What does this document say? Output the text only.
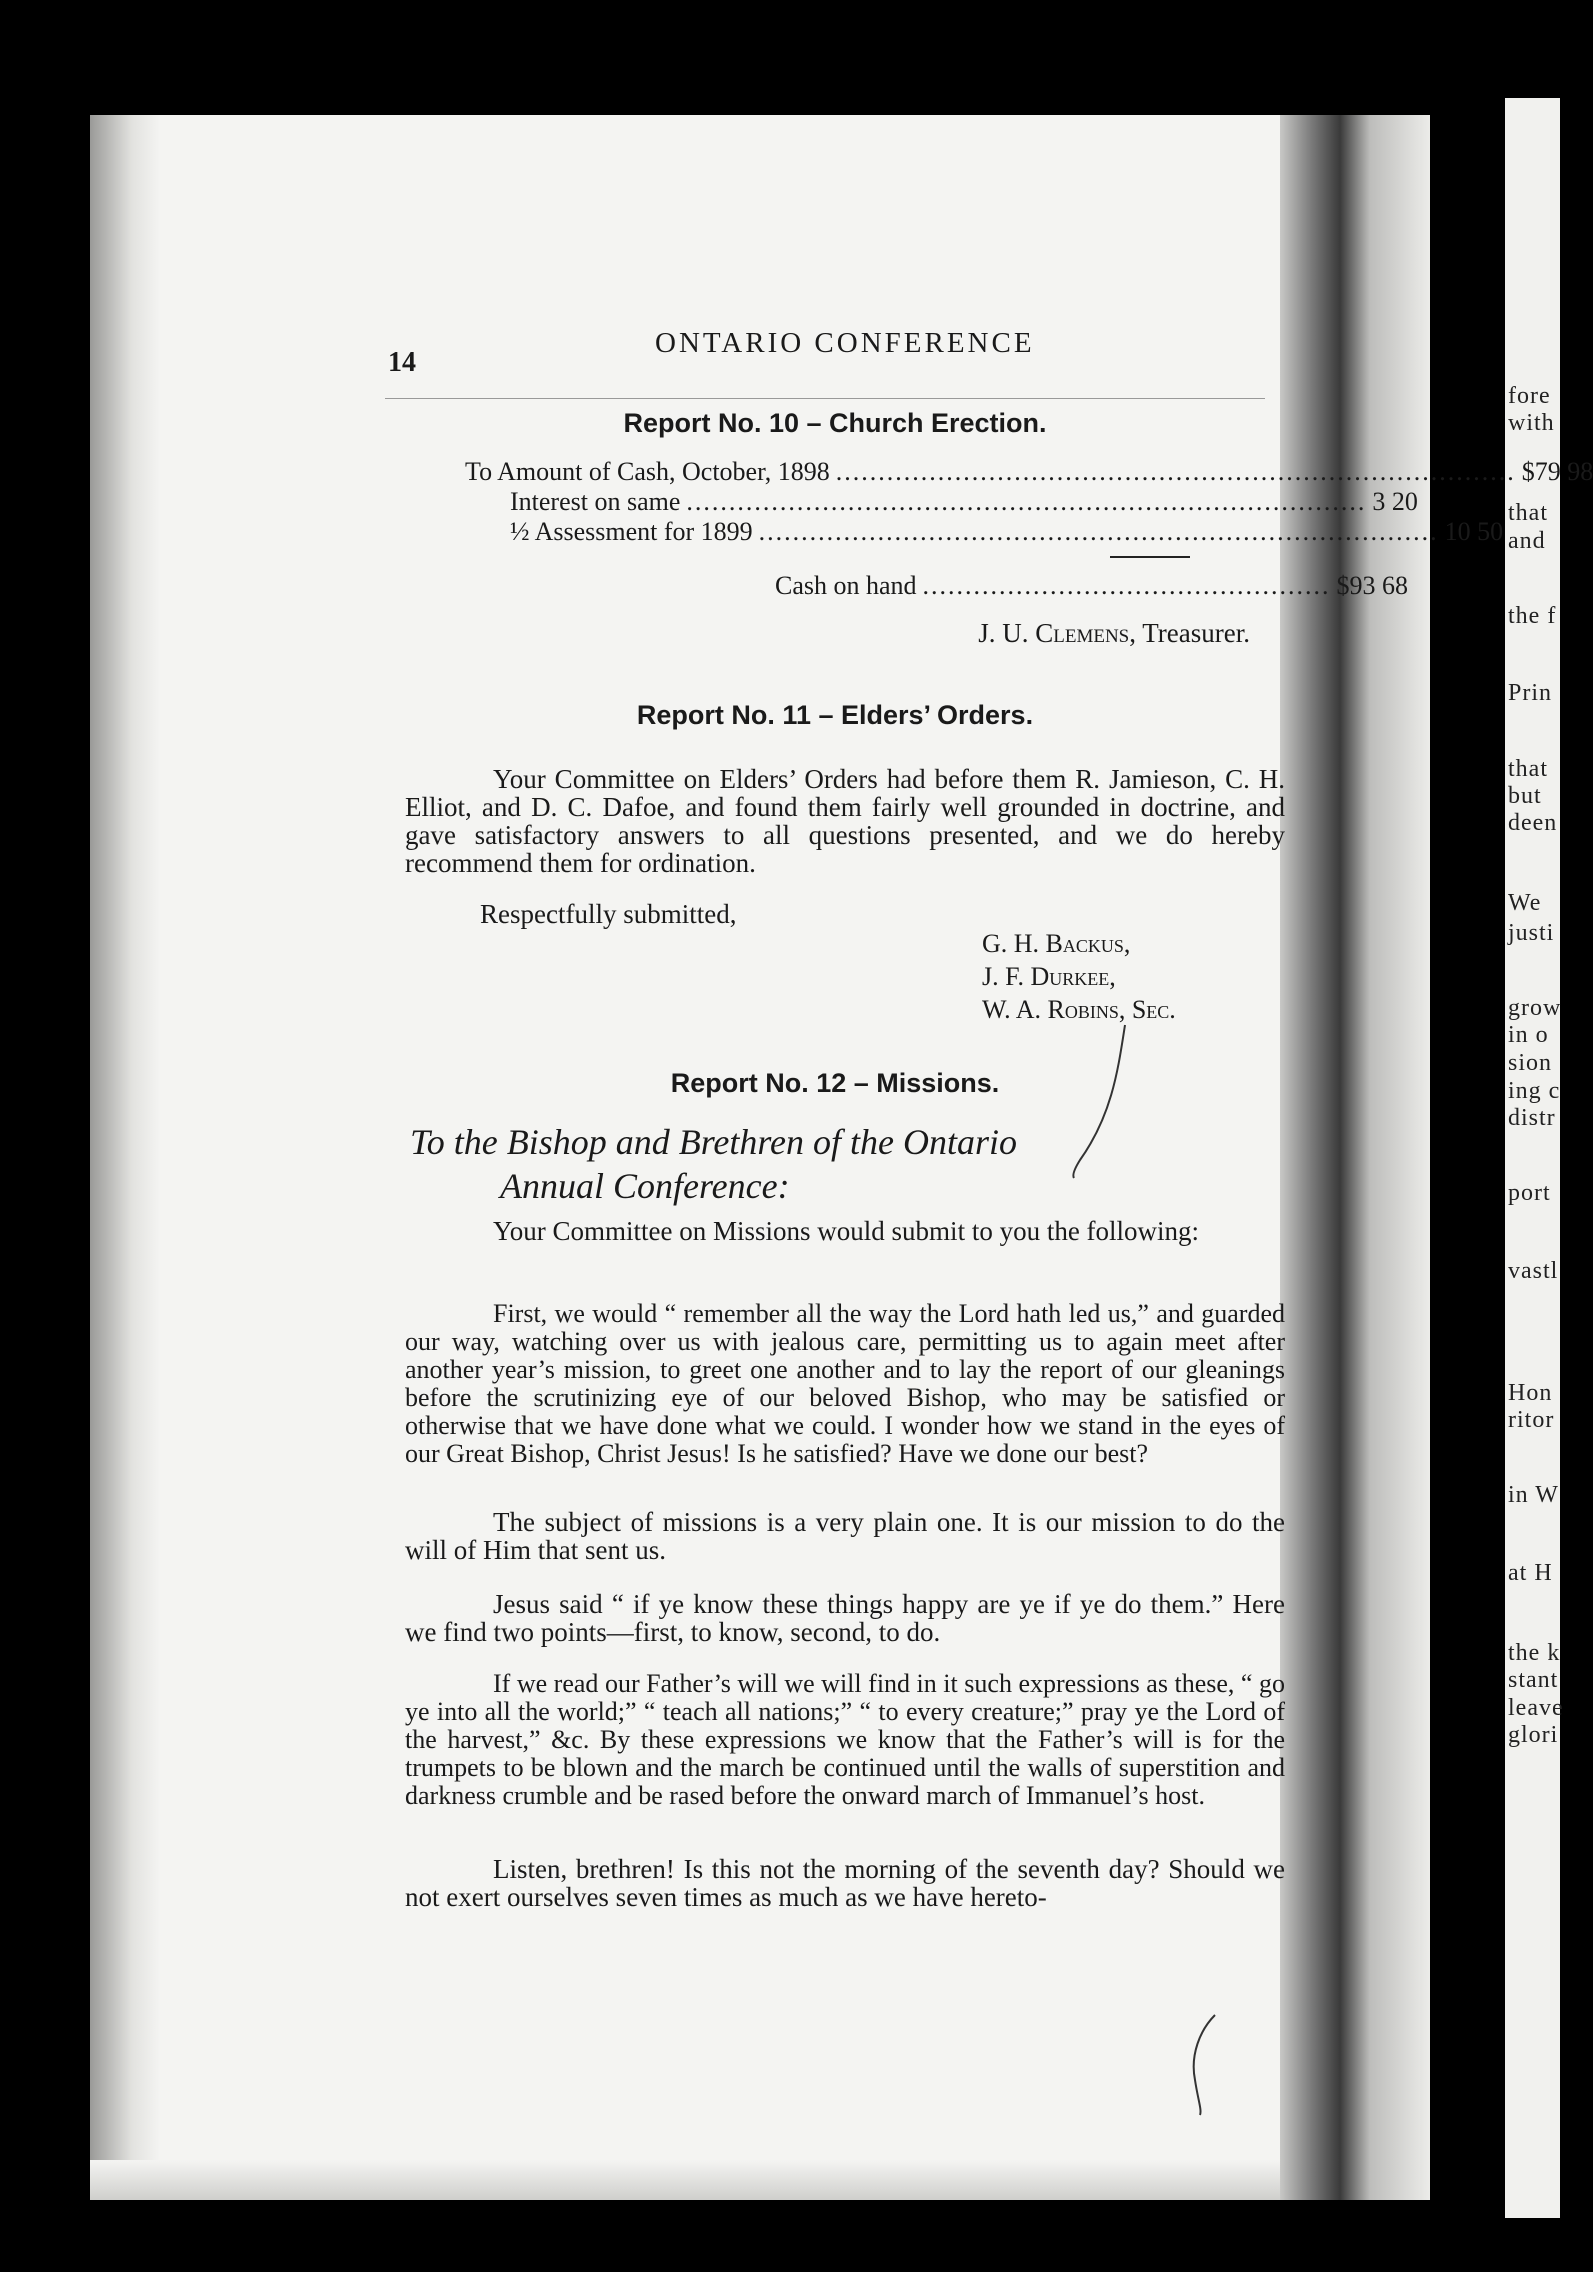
fore
with
that
and
the f
Prin
that
but
deen
We
justi
grow
in o
sion
ing c
distr
port
vastl
Hon
ritor
in W
at H
the k
stant
leave
glori
14
ONTARIO CONFERENCE
Report No. 10 – Church Erection.
To Amount of Cash, October, 1898 ................................................................................ $79 98
Interest on same ................................................................................ 3 20
½ Assessment for 1899 ................................................................................ 10 50
Cash on hand ................................................ $93 68
J. U. Clemens, Treasurer.
Report No. 11 – Elders’ Orders.
Your Committee on Elders’ Orders had before them R. Jamieson, C. H. Elliot, and D. C. Dafoe, and found them fairly well grounded in doctrine, and gave satisfactory answers to all questions presented, and we do hereby recommend them for ordination.
Respectfully submitted,
G. H. Backus,
J. F. Durkee,
W. A. Robins, Sec.
Report No. 12 – Missions.
To the Bishop and Brethren of the Ontario
Annual Conference:
Your Committee on Missions would submit to you the following:
First, we would “ remember all the way the Lord hath led us,” and guarded our way, watching over us with jealous care, permitting us to again meet after another year’s mission, to greet one another and to lay the report of our gleanings before the scrutinizing eye of our beloved Bishop, who may be satisfied or otherwise that we have done what we could. I wonder how we stand in the eyes of our Great Bishop, Christ Jesus! Is he satisfied? Have we done our best?
The subject of missions is a very plain one. It is our mission to do the will of Him that sent us.
Jesus said “ if ye know these things happy are ye if ye do them.” Here we find two points—first, to know, second, to do.
If we read our Father’s will we will find in it such expressions as these, “ go ye into all the world;” “ teach all nations;” “ to every creature;” pray ye the Lord of the harvest,” &c. By these expressions we know that the Father’s will is for the trumpets to be blown and the march be continued until the walls of superstition and darkness crumble and be rased before the onward march of Immanuel’s host.
Listen, brethren! Is this not the morning of the seventh day? Should we not exert ourselves seven times as much as we have hereto-
